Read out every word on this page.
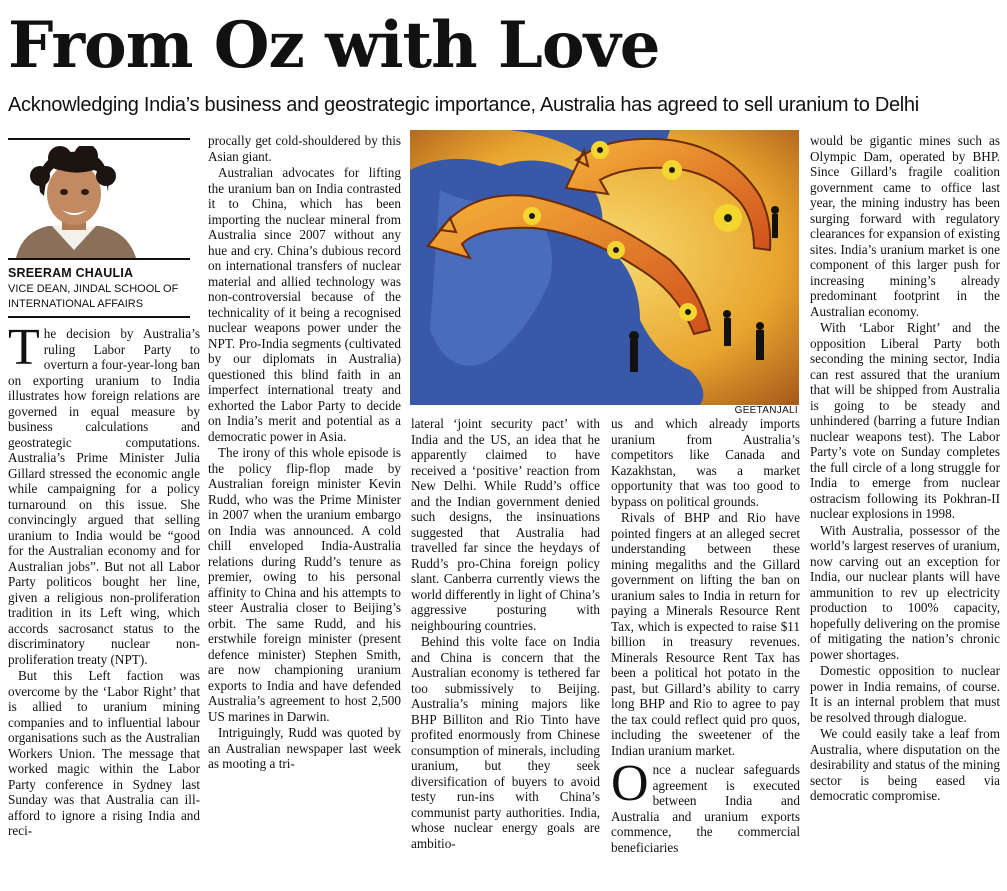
From Oz with Love
Acknowledging India’s business and geostrategic importance, Australia has agreed to sell uranium to Delhi
SREERAM CHAULIA
VICE DEAN, JINDAL SCHOOL OF INTERNATIONAL AFFAIRS

The decision by Australia’s ruling Labor Party to overturn a four-year-long ban on exporting uranium to India illustrates how foreign relations are governed in equal measure by business calculations and geostrategic computations. Australia’s Prime Minister Julia Gillard stressed the economic angle while campaigning for a policy turnaround on this issue. She convincingly argued that selling uranium to India would be “good for the Australian economy and for Australian jobs”. But not all Labor Party politicos bought her line, given a religious non-proliferation tradition in its Left wing, which accords sacrosanct status to the discriminatory nuclear non-proliferation treaty (NPT).

But this Left faction was overcome by the ‘Labor Right’ that is allied to uranium mining companies and to influential labour organisations such as the Australian Workers Union. The message that worked magic within the Labor Party conference in Sydney last Sunday was that Australia can ill-afford to ignore a rising India and reci-

procally get cold-shouldered by this Asian giant.

Australian advocates for lifting the uranium ban on India contrasted it to China, which has been importing the nuclear mineral from Australia since 2007 without any hue and cry. China’s dubious record on international transfers of nuclear material and allied technology was non-controversial because of the technicality of it being a recognised nuclear weapons power under the NPT. Pro-India segments (cultivated by our diplomats in Australia) questioned this blind faith in an imperfect international treaty and exhorted the Labor Party to decide on India’s merit and potential as a democratic power in Asia.

The irony of this whole episode is the policy flip-flop made by Australian foreign minister Kevin Rudd, who was the Prime Minister in 2007 when the uranium embargo on India was announced. A cold chill enveloped India-Australia relations during Rudd’s tenure as premier, owing to his personal affinity to China and his attempts to steer Australia closer to Beijing’s orbit. The same Rudd, and his erstwhile foreign minister (present defence minister) Stephen Smith, are now championing uranium exports to India and have defended Australia’s agreement to host 2,500 US marines in Darwin.

Intriguingly, Rudd was quoted by an Australian newspaper last week as mooting a tri-

GEETANJALI

lateral ‘joint security pact’ with India and the US, an idea that he apparently claimed to have received a ‘positive’ reaction from New Delhi. While Rudd’s office and the Indian government denied such designs, the insinuations suggested that Australia had travelled far since the heydays of Rudd’s pro-China foreign policy slant. Canberra currently views the world differently in light of China’s aggressive posturing with neighbouring countries.

Behind this volte face on India and China is concern that the Australian economy is tethered far too submissively to Beijing. Australia’s mining majors like BHP Billiton and Rio Tinto have profited enormously from Chinese consumption of minerals, including uranium, but they seek diversification of buyers to avoid testy run-ins with China’s communist party authorities. India, whose nuclear energy goals are ambitio-

us and which already imports uranium from Australia’s competitors like Canada and Kazakhstan, was a market opportunity that was too good to bypass on political grounds.

Rivals of BHP and Rio have pointed fingers at an alleged secret understanding between these mining megaliths and the Gillard government on lifting the ban on uranium sales to India in return for paying a Minerals Resource Rent Tax, which is expected to raise $11 billion in treasury revenues. Minerals Resource Rent Tax has been a political hot potato in the past, but Gillard’s ability to carry long BHP and Rio to agree to pay the tax could reflect quid pro quos, including the sweetener of the Indian uranium market.

Once a nuclear safeguards agreement is executed between India and Australia and uranium exports commence, the commercial beneficiaries

would be gigantic mines such as Olympic Dam, operated by BHP. Since Gillard’s fragile coalition government came to office last year, the mining industry has been surging forward with regulatory clearances for expansion of existing sites. India’s uranium market is one component of this larger push for increasing mining’s already predominant footprint in the Australian economy.

With ‘Labor Right’ and the opposition Liberal Party both seconding the mining sector, India can rest assured that the uranium that will be shipped from Australia is going to be steady and unhindered (barring a future Indian nuclear weapons test). The Labor Party’s vote on Sunday completes the full circle of a long struggle for India to emerge from nuclear ostracism following its Pokhran-II nuclear explosions in 1998.

With Australia, possessor of the world’s largest reserves of uranium, now carving out an exception for India, our nuclear plants will have ammunition to rev up electricity production to 100% capacity, hopefully delivering on the promise of mitigating the nation’s chronic power shortages.

Domestic opposition to nuclear power in India remains, of course. It is an internal problem that must be resolved through dialogue.

We could easily take a leaf from Australia, where disputation on the desirability and status of the mining sector is being eased via democratic compromise.
